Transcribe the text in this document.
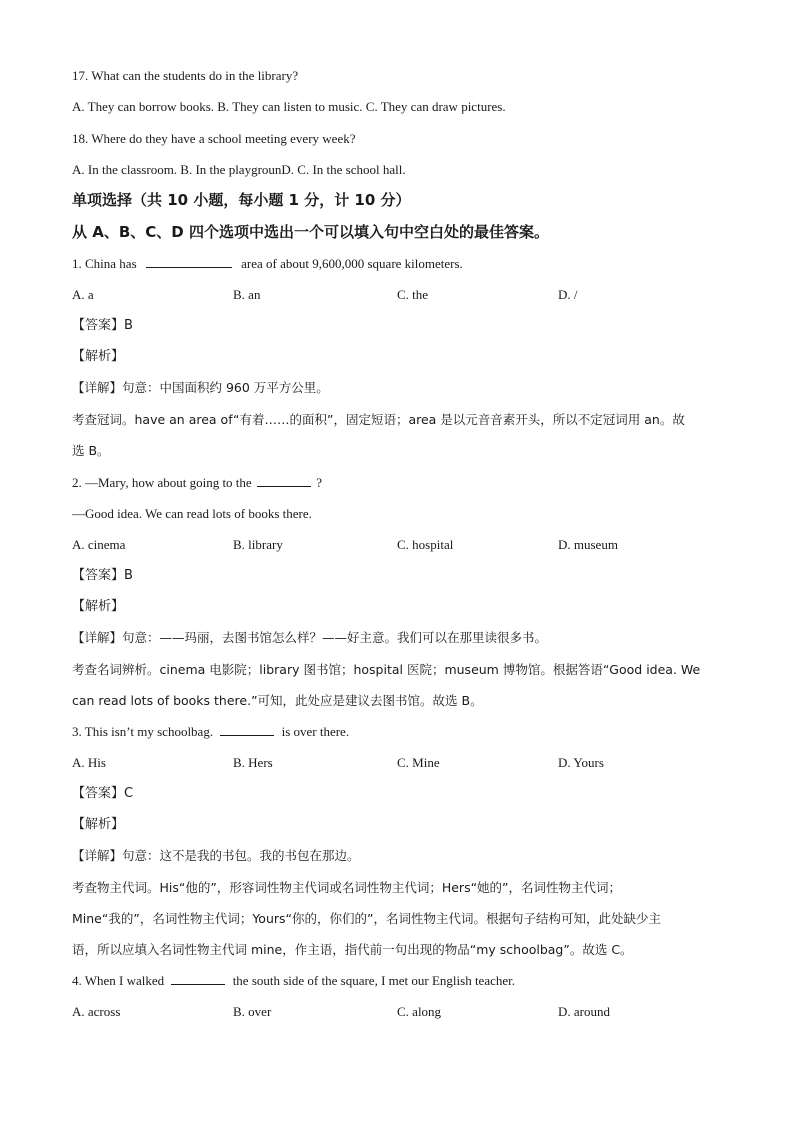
17. What can the students do in the library?
A. They can borrow books. B. They can listen to music. C. They can draw pictures.
18. Where do they have a school meeting every week?
A. In the classroom. B. In the playgrounD. C. In the school hall.
单项选择（共 10 小题，每小题 1 分，计 10 分）
从 A、B、C、D 四个选项中选出一个可以填入句中空白处的最佳答案。
1. China has	area of about 9,600,000 square kilometers.
A. a	B. an	C. the	D. /
【答案】B
【解析】
【详解】句意：中国面积约 960 万平方公里。
考查冠词。have an area of“有着……的面积”，固定短语；area 是以元音音素开头，所以不定冠词用 an。故
选 B。
2. —Mary, how about going to the	?
—Good idea. We can read lots of books there.
A. cinema	B. library	C. hospital	D. museum
【答案】B
【解析】
【详解】句意：——玛丽，去图书馆怎么样？——好主意。我们可以在那里读很多书。
考查名词辨析。cinema 电影院；library 图书馆；hospital 医院；museum 博物馆。根据答语“Good idea. We
can read lots of books there.”可知，此处应是建议去图书馆。故选 B。
3. This isn’t my schoolbag.	is over there.
A. His	B. Hers	C. Mine	D. Yours
【答案】C
【解析】
【详解】句意：这不是我的书包。我的书包在那边。
考查物主代词。His“他的”，形容词性物主代词或名词性物主代词；Hers“她的”，名词性物主代词；
Mine“我的”，名词性物主代词；Yours“你的，你们的”，名词性物主代词。根据句子结构可知，此处缺少主
语，所以应填入名词性物主代词 mine，作主语，指代前一句出现的物品“my schoolbag”。故选 C。
4. When I walked	the south side of the square, I met our English teacher.
A. across	B. over	C. along	D. around
